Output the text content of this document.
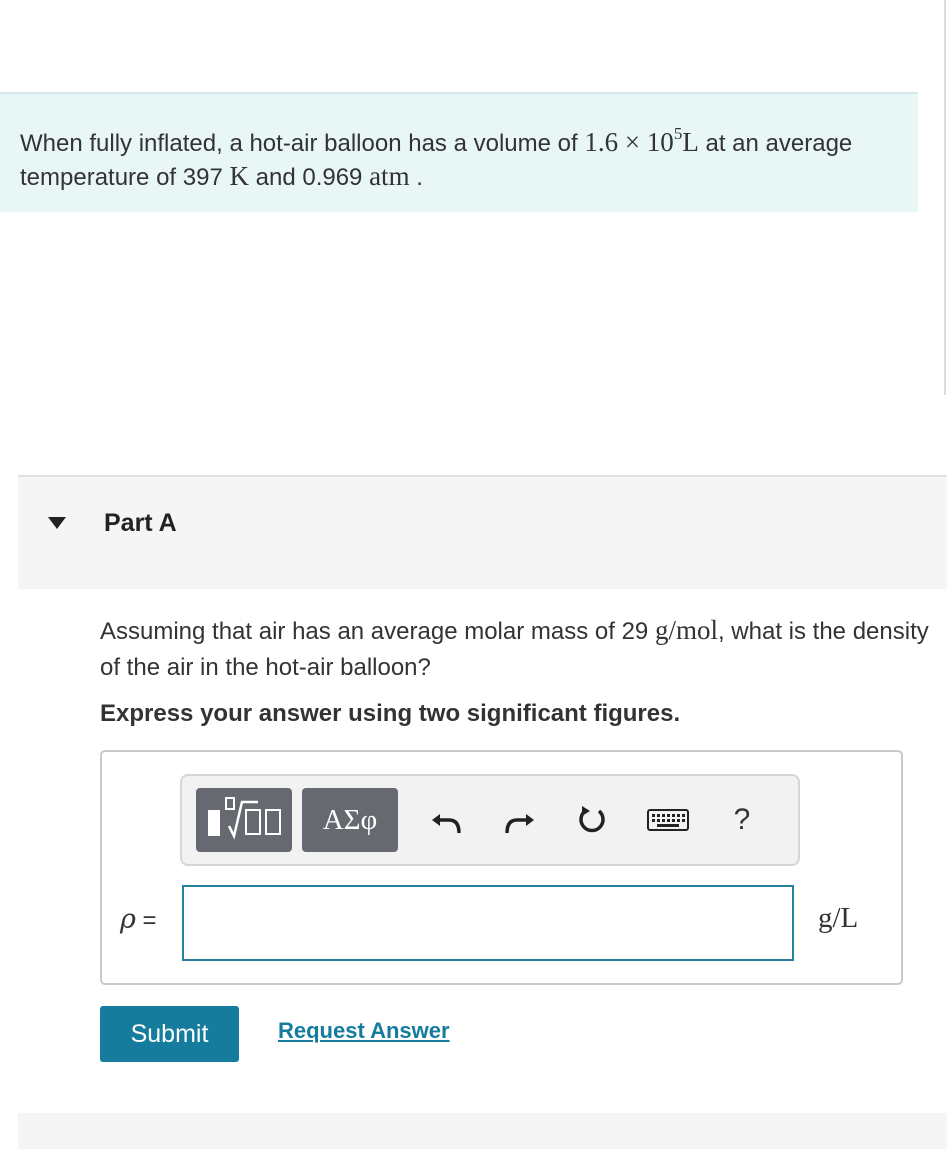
When fully inflated, a hot-air balloon has a volume of $1.6 \times 10^5L$ at an average temperature of 397 K and 0.969 atm .

Part A

Assuming that air has an average molar mass of 29 g/mol, what is the density of the air in the hot-air balloon?

Express your answer using two significant figures.

ΑΣφ	?
ρ =	g/L
Submit	Request Answer
